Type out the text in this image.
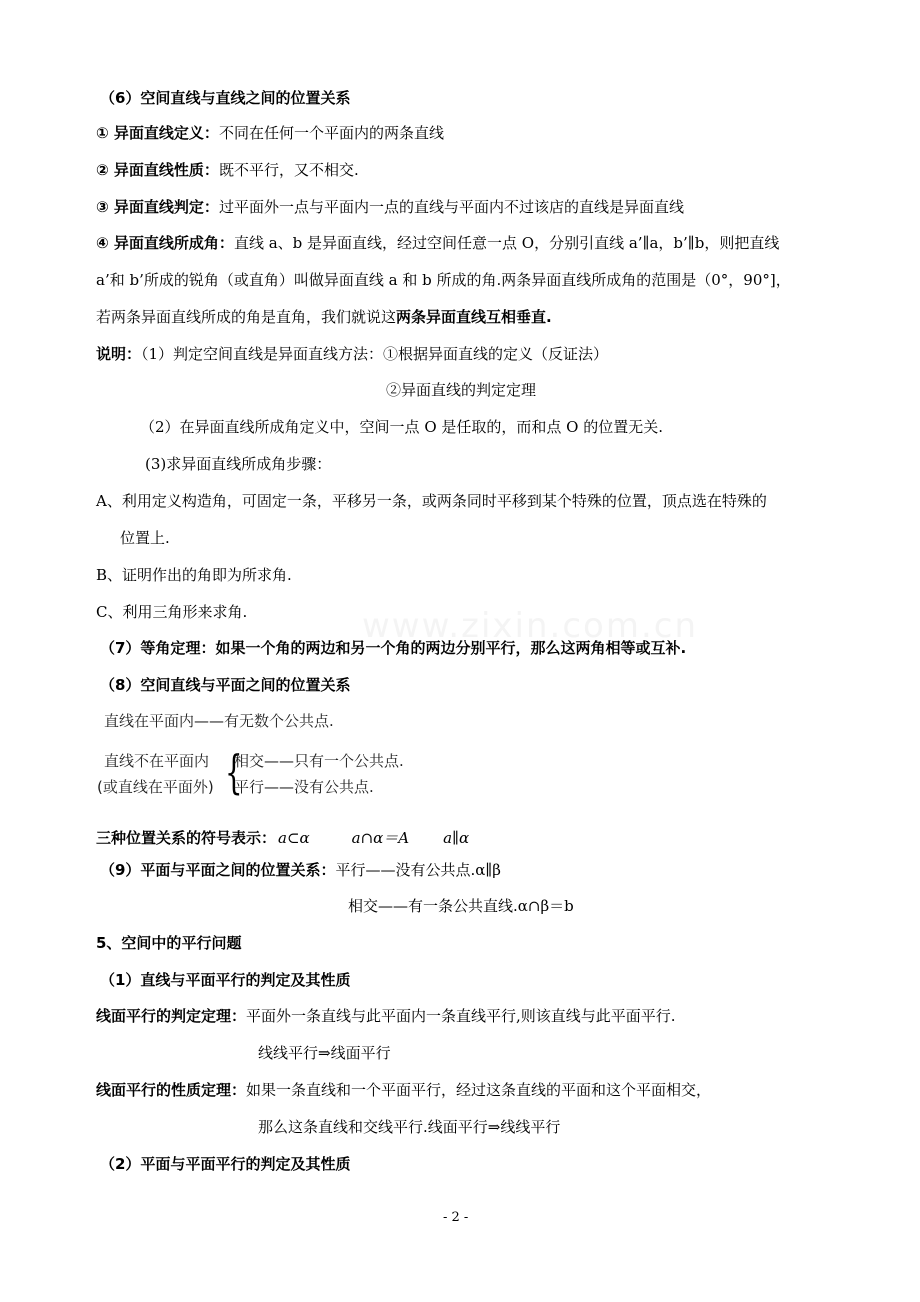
www.zixin.com.cn
（6）空间直线与直线之间的位置关系
① 异面直线定义：不同在任何一个平面内的两条直线
② 异面直线性质：既不平行，又不相交.
③ 异面直线判定：过平面外一点与平面内一点的直线与平面内不过该店的直线是异面直线
④ 异面直线所成角：直线 a、b 是异面直线，经过空间任意一点 O，分别引直线 a’∥a，b’∥b，则把直线
a’和 b’所成的锐角（或直角）叫做异面直线 a 和 b 所成的角.两条异面直线所成角的范围是（0°，90°]，
若两条异面直线所成的角是直角，我们就说这两条异面直线互相垂直.
说明：（1）判定空间直线是异面直线方法：①根据异面直线的定义（反证法）
②异面直线的判定定理
（2）在异面直线所成角定义中，空间一点 O 是任取的，而和点 O 的位置无关.
(3)求异面直线所成角步骤：
A、利用定义构造角，可固定一条，平移另一条，或两条同时平移到某个特殊的位置，顶点选在特殊的
位置上.
B、证明作出的角即为所求角.
C、利用三角形来求角.
（7）等角定理：如果一个角的两边和另一个角的两边分别平行，那么这两角相等或互补.
（8）空间直线与平面之间的位置关系
直线在平面内——有无数个公共点.
直线不在平面内
(或直线在平面外) {
相交——只有一个公共点.
平行——没有公共点.
三种位置关系的符号表示： a⊂α	a∩α＝A a∥α
（9）平面与平面之间的位置关系：平行——没有公共点.α∥β
相交——有一条公共直线.α∩β＝b
5、空间中的平行问题
（1）直线与平面平行的判定及其性质
线面平行的判定定理：平面外一条直线与此平面内一条直线平行,则该直线与此平面平行.
线线平行⇒线面平行
线面平行的性质定理：如果一条直线和一个平面平行，经过这条直线的平面和这个平面相交，
那么这条直线和交线平行.线面平行⇒线线平行
（2）平面与平面平行的判定及其性质
- 2 -
